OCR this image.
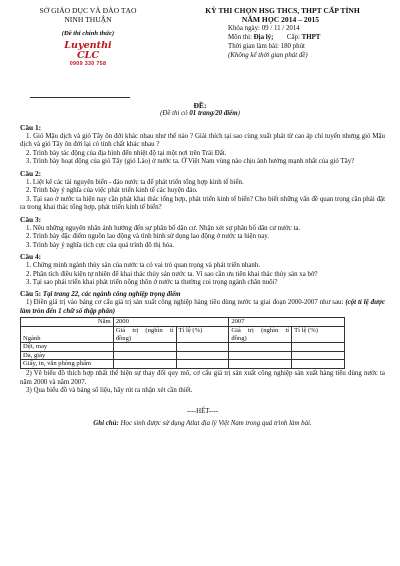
SỞ GIÁO DỤC VÀ ĐÀO TẠO
NINH THUẬN
(Đề thi chính thức)
Luyenthi CLC
0909 330 758
KỲ THI CHỌN HSG THCS, THPT CẤP TỈNH
NĂM HỌC 2014 – 2015
Khóa ngày: 09 / 11 / 2014
Môn thi: Địa lý; Cấp: THPT
Thời gian làm bài: 180 phút
(Không kể thời gian phát đề)
ĐỀ:
(Đề thi có 01 trang/20 điểm)
Câu 1:
1. Gió Mậu dịch và gió Tây ôn đới khác nhau như thế nào ? Giải thích tại sao cùng xuất phát từ cao áp chí tuyến nhưng gió Mậu dịch và gió Tây ôn đới lại có tính chất khác nhau ?
2. Trình bày tác động của địa hình đến nhiệt độ tại một nơi trên Trái Đất.
3. Trình bày hoạt động của gió Tây (gió Lào) ở nước ta. Ở Việt Nam vùng nào chịu ảnh hưởng mạnh nhất của gió Tây?
Câu 2:
1. Liệt kê các tài nguyên biển - đảo nước ta để phát triển tổng hợp kinh tế biển.
2. Trình bày ý nghĩa của việc phát triển kinh tế các huyện đảo.
3. Tại sao ở nước ta hiện nay cần phát khai thác tổng hợp, phát triển kinh tế biển? Cho biết những vấn đề quan trọng cần phải đặt ra trong khai thác tổng hợp, phát triển kinh tế biển?
Câu 3:
1. Nêu những nguyên nhân ảnh hưởng đến sự phân bố dân cư. Nhận xét sự phân bố dân cư nước ta.
2. Trình bày đặc điểm nguồn lao động và tình hình sử dụng lao động ở nước ta hiện nay.
3. Trình bày ý nghĩa tích cực của quá trình đô thị hóa.
Câu 4:
1. Chứng minh ngành thủy sản của nước ta có vai trò quan trọng và phát triển nhanh.
2. Phân tích điều kiện tự nhiên để khai thác thủy sản nước ta. Vì sao cần ưu tiên khai thác thủy sản xa bờ?
3. Tại sao phải triển khai phát triển nông thôn ở nước ta thường coi trọng ngành chăn nuôi?
Câu 5: Tại trang 22, các ngành công nghiệp trọng điểm
1) Điền giá trị vào bảng cơ cấu giá trị sản xuất công nghiệp hàng tiêu dùng nước ta giai đoạn 2000-2007 như sau: (cột tỉ lệ được làm tròn đến 1 chữ số thập phân)
Năm	2000		2007	
Ngành	Giá trị (nghìn tỉ đồng)	Tỉ lệ (%)	Giá trị (nghìn tỉ đồng)	Tỉ lệ (%)
Dệt, may				
Da, giày				
Giấy, in, văn phòng phẩm				
2) Vẽ biểu đồ thích hợp nhất thể hiện sự thay đổi quy mô, cơ cấu giá trị sản xuất công nghiệp sản xuất hàng tiêu dùng nước ta năm 2000 và năm 2007.
3) Qua biểu đồ và bảng số liệu, hãy rút ra nhận xét cần thiết.
----HẾT----
Ghi chú: Học sinh được sử dụng Atlat địa lý Việt Nam trong quá trình làm bài.
